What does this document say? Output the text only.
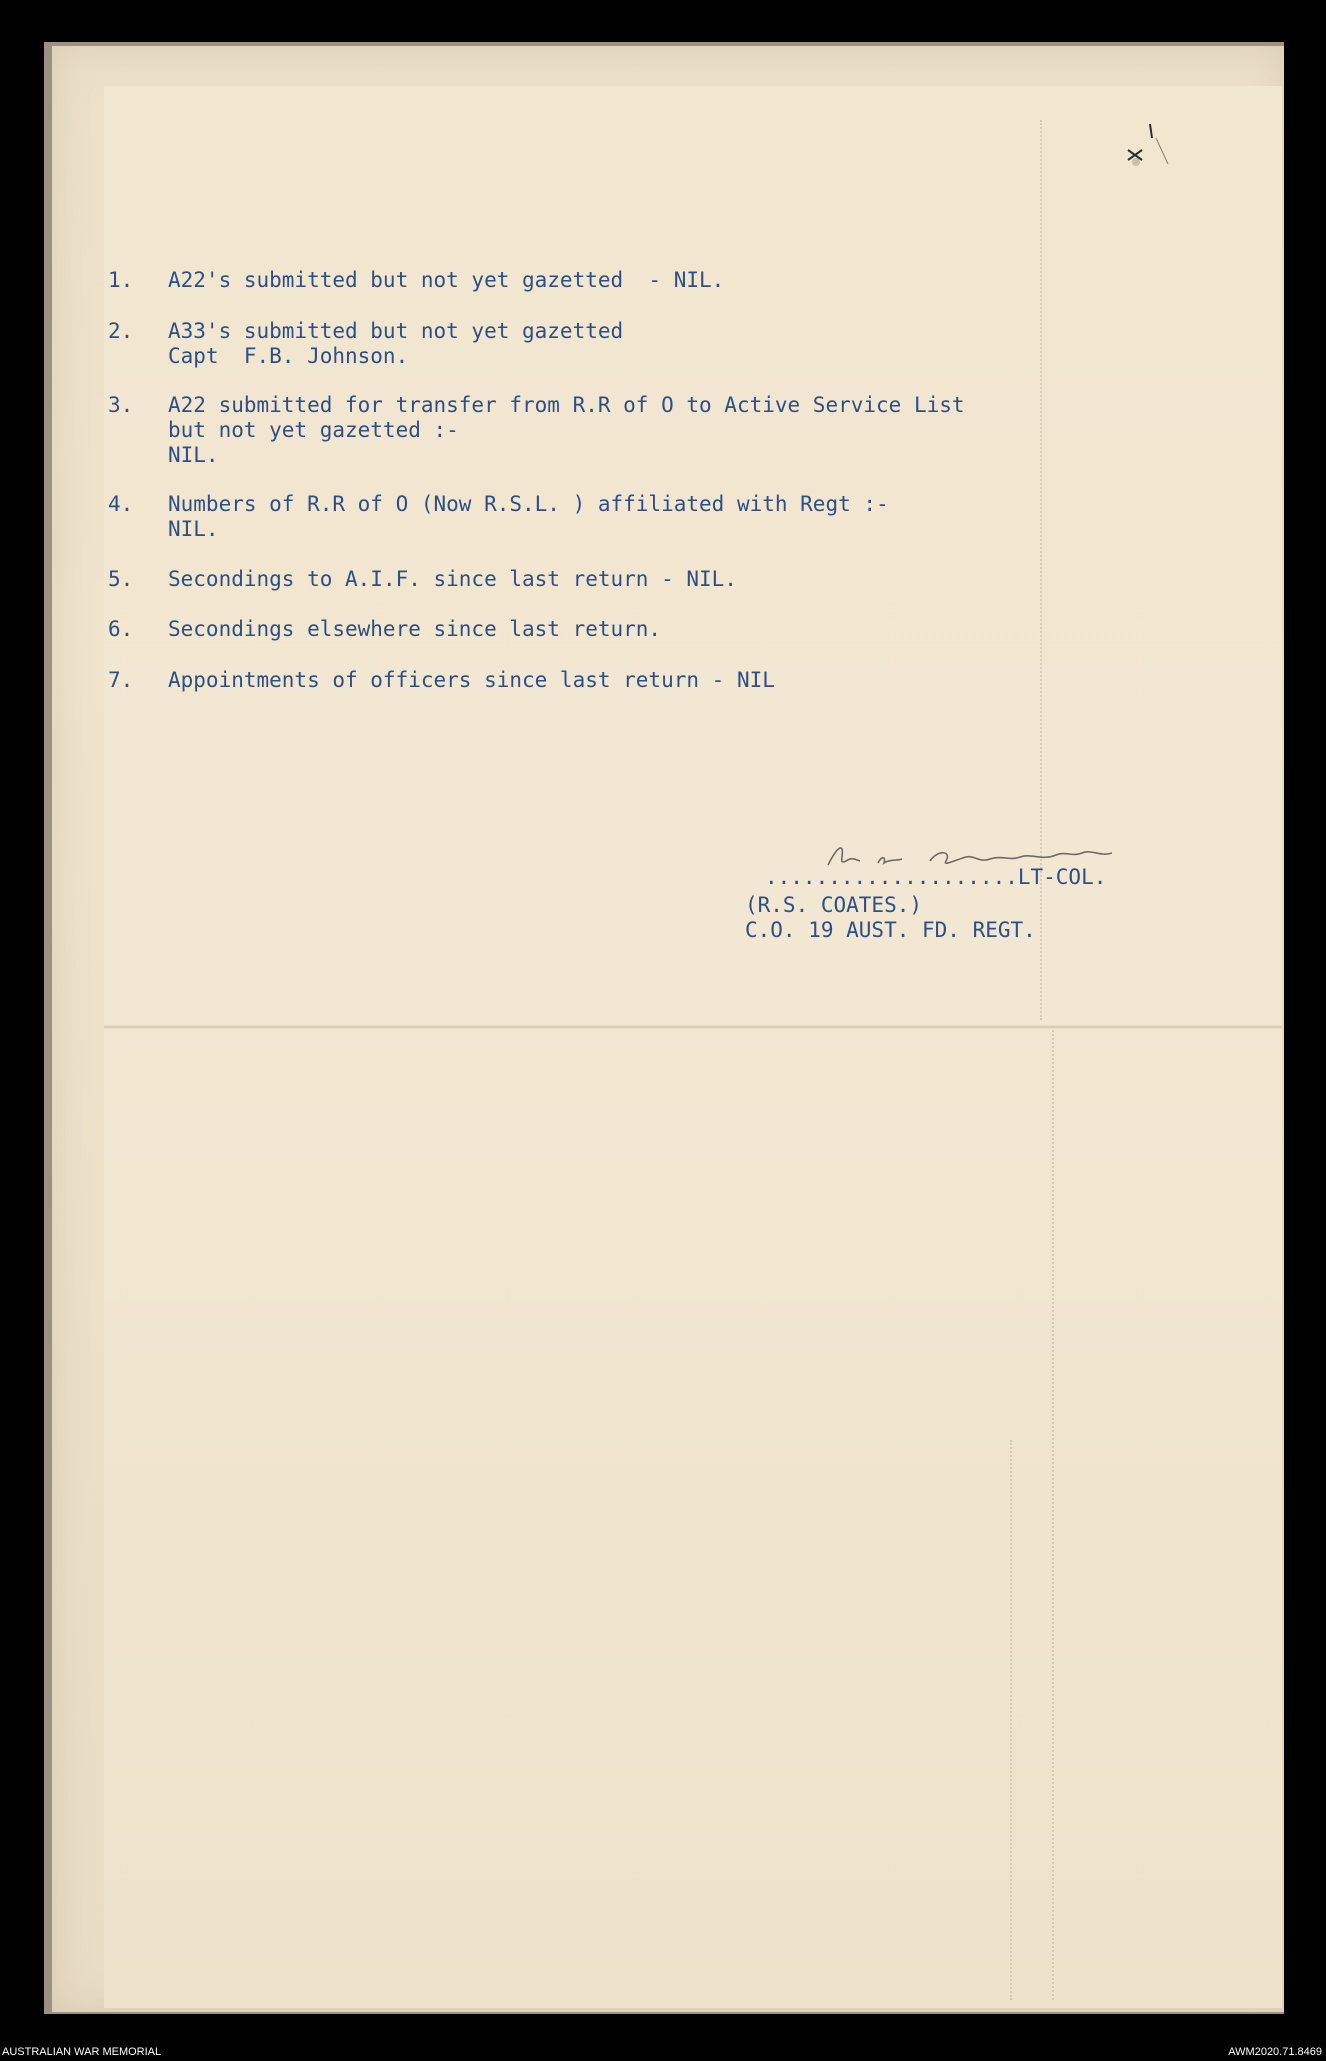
1.	A22's submitted but not yet gazetted  - NIL.
2.	A33's submitted but not yet gazetted
Capt  F.B. Johnson.
3.	A22 submitted for transfer from R.R of O to Active Service List
but not yet gazetted :-
NIL.
4.	Numbers of R.R of O (Now R.S.L. ) affiliated with Regt :-
NIL.
5.	Secondings to A.I.F. since last return - NIL.
6.	Secondings elsewhere since last return.
7.	Appointments of officers since last return - NIL
....................LT-COL.
(R.S. COATES.)
C.O. 19 AUST. FD. REGT.
AUSTRALIAN WAR MEMORIAL	AWM2020.71.8469
